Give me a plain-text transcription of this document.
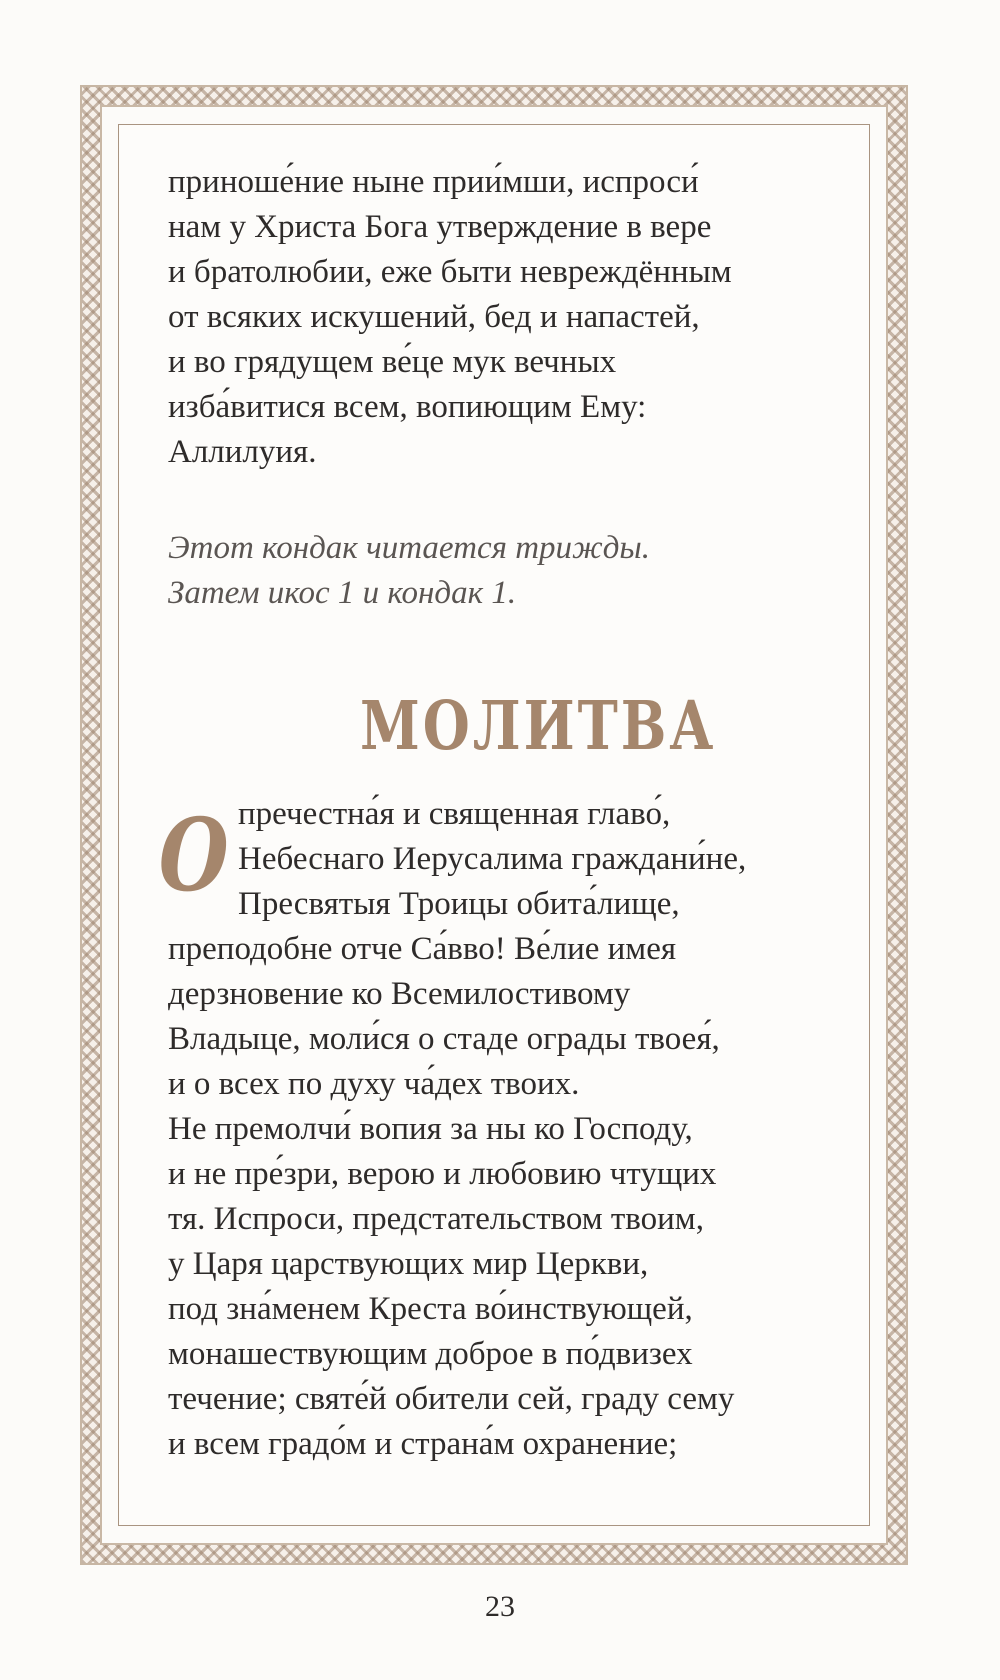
приноше́ние ныне прии́мши, испроси́
нам у Христа Бога утверждение в вере
и братолюбии, еже быти невреждённым
от всяких искушений, бед и напастей,
и во грядущем ве́це мук вечных
изба́витися всем, вопиющим Ему:
Аллилуия.
Этот кондак читается трижды.
Затем икос 1 и кондак 1.
МОЛИТВА
О пречестна́я и священная главо́,
Небеснаго Иерусалима граждани́не,
Пресвятыя Троицы обита́лище,
преподобне отче Са́вво! Ве́лие имея
дерзновение ко Всемилостивому
Владыце, моли́ся о стаде ограды твоея́,
и о всех по духу ча́дех твоих.
Не премолчи́ вопия за ны ко Господу,
и не пре́зри, верою и любовию чтущих
тя. Испроси, предстательством твоим,
у Царя царствующих мир Церкви,
под зна́менем Креста во́инствующей,
монашествующим доброе в по́двизех
течение; святе́й обители сей, граду сему
и всем градо́м и страна́м охранение;
23
